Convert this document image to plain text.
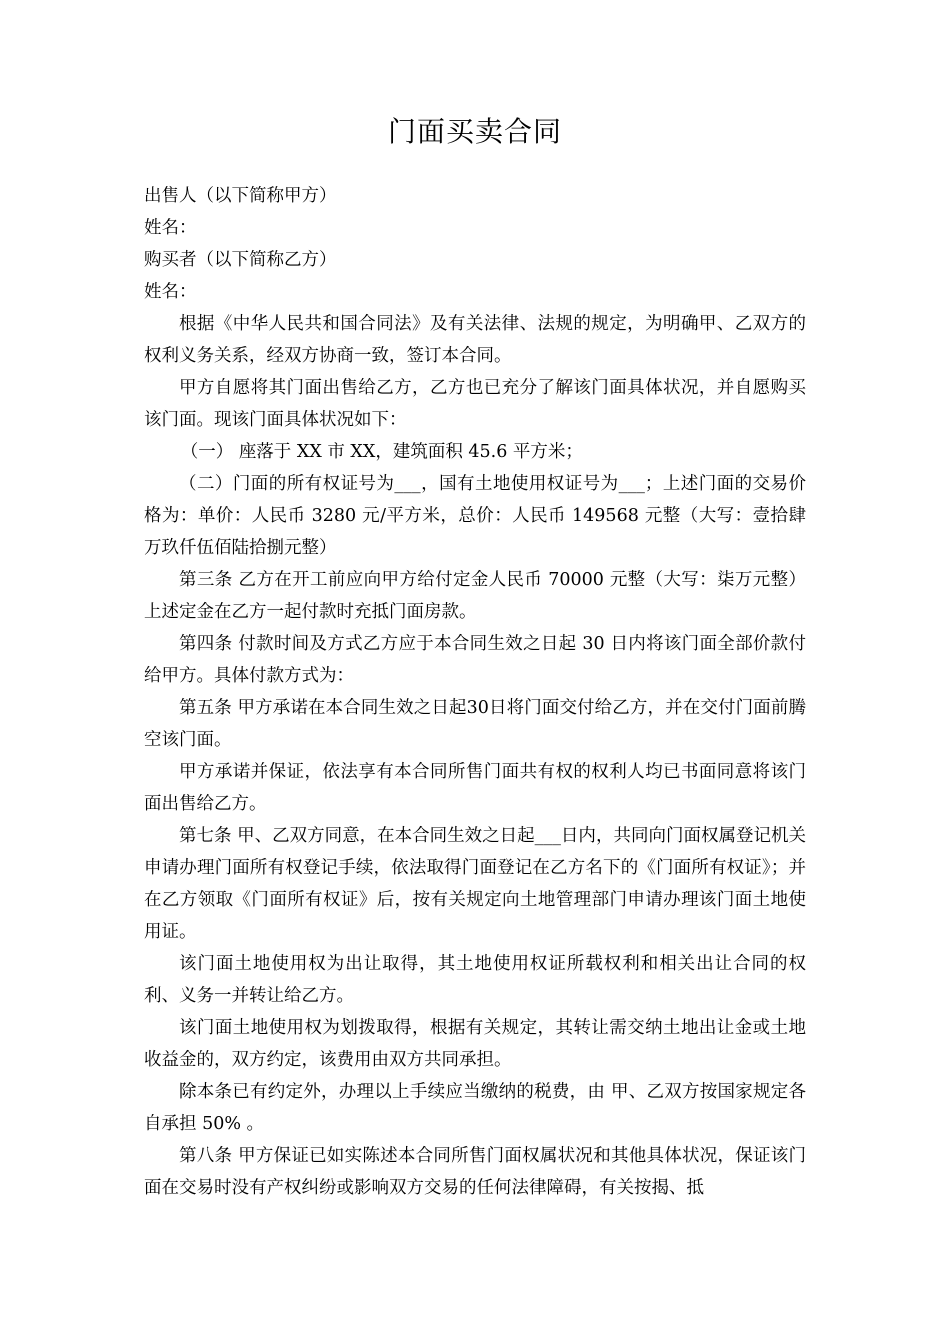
门面买卖合同

出售人（以下简称甲方）

姓名：

购买者（以下简称乙方）

姓名：

根据《中华人民共和国合同法》及有关法律、法规的规定，为明确甲、乙双方的权利义务关系，经双方协商一致，签订本合同。

甲方自愿将其门面出售给乙方，乙方也已充分了解该门面具体状况，并自愿购买该门面。现该门面具体状况如下：

（一） 座落于 XX 市 XX，建筑面积 45.6 平方米；

（二）门面的所有权证号为___，国有土地使用权证号为___；上述门面的交易价格为：单价：人民币 3280 元/平方米，总价：人民币 149568 元整（大写：壹拾肆万玖仟伍佰陆拾捌元整）

第三条 乙方在开工前应向甲方给付定金人民币 70000 元整（大写：柒万元整） 上述定金在乙方一起付款时充抵门面房款。

第四条 付款时间及方式乙方应于本合同生效之日起 30 日内将该门面全部价款付给甲方。具体付款方式为：

第五条 甲方承诺在本合同生效之日起30日将门面交付给乙方，并在交付门面前腾空该门面。

甲方承诺并保证，依法享有本合同所售门面共有权的权利人均已书面同意将该门面出售给乙方。

第七条 甲、乙双方同意，在本合同生效之日起___日内，共同向门面权属登记机关申请办理门面所有权登记手续，依法取得门面登记在乙方名下的《门面所有权证》；并在乙方领取《门面所有权证》后，按有关规定向土地管理部门申请办理该门面土地使用证。

该门面土地使用权为出让取得，其土地使用权证所载权利和相关出让合同的权利、义务一并转让给乙方。

该门面土地使用权为划拨取得，根据有关规定，其转让需交纳土地出让金或土地收益金的，双方约定，该费用由双方共同承担。

除本条已有约定外，办理以上手续应当缴纳的税费，由 甲、乙双方按国家规定各自承担 50% 。

第八条 甲方保证已如实陈述本合同所售门面权属状况和其他具体状况，保证该门面在交易时没有产权纠纷或影响双方交易的任何法律障碍，有关按揭、抵
